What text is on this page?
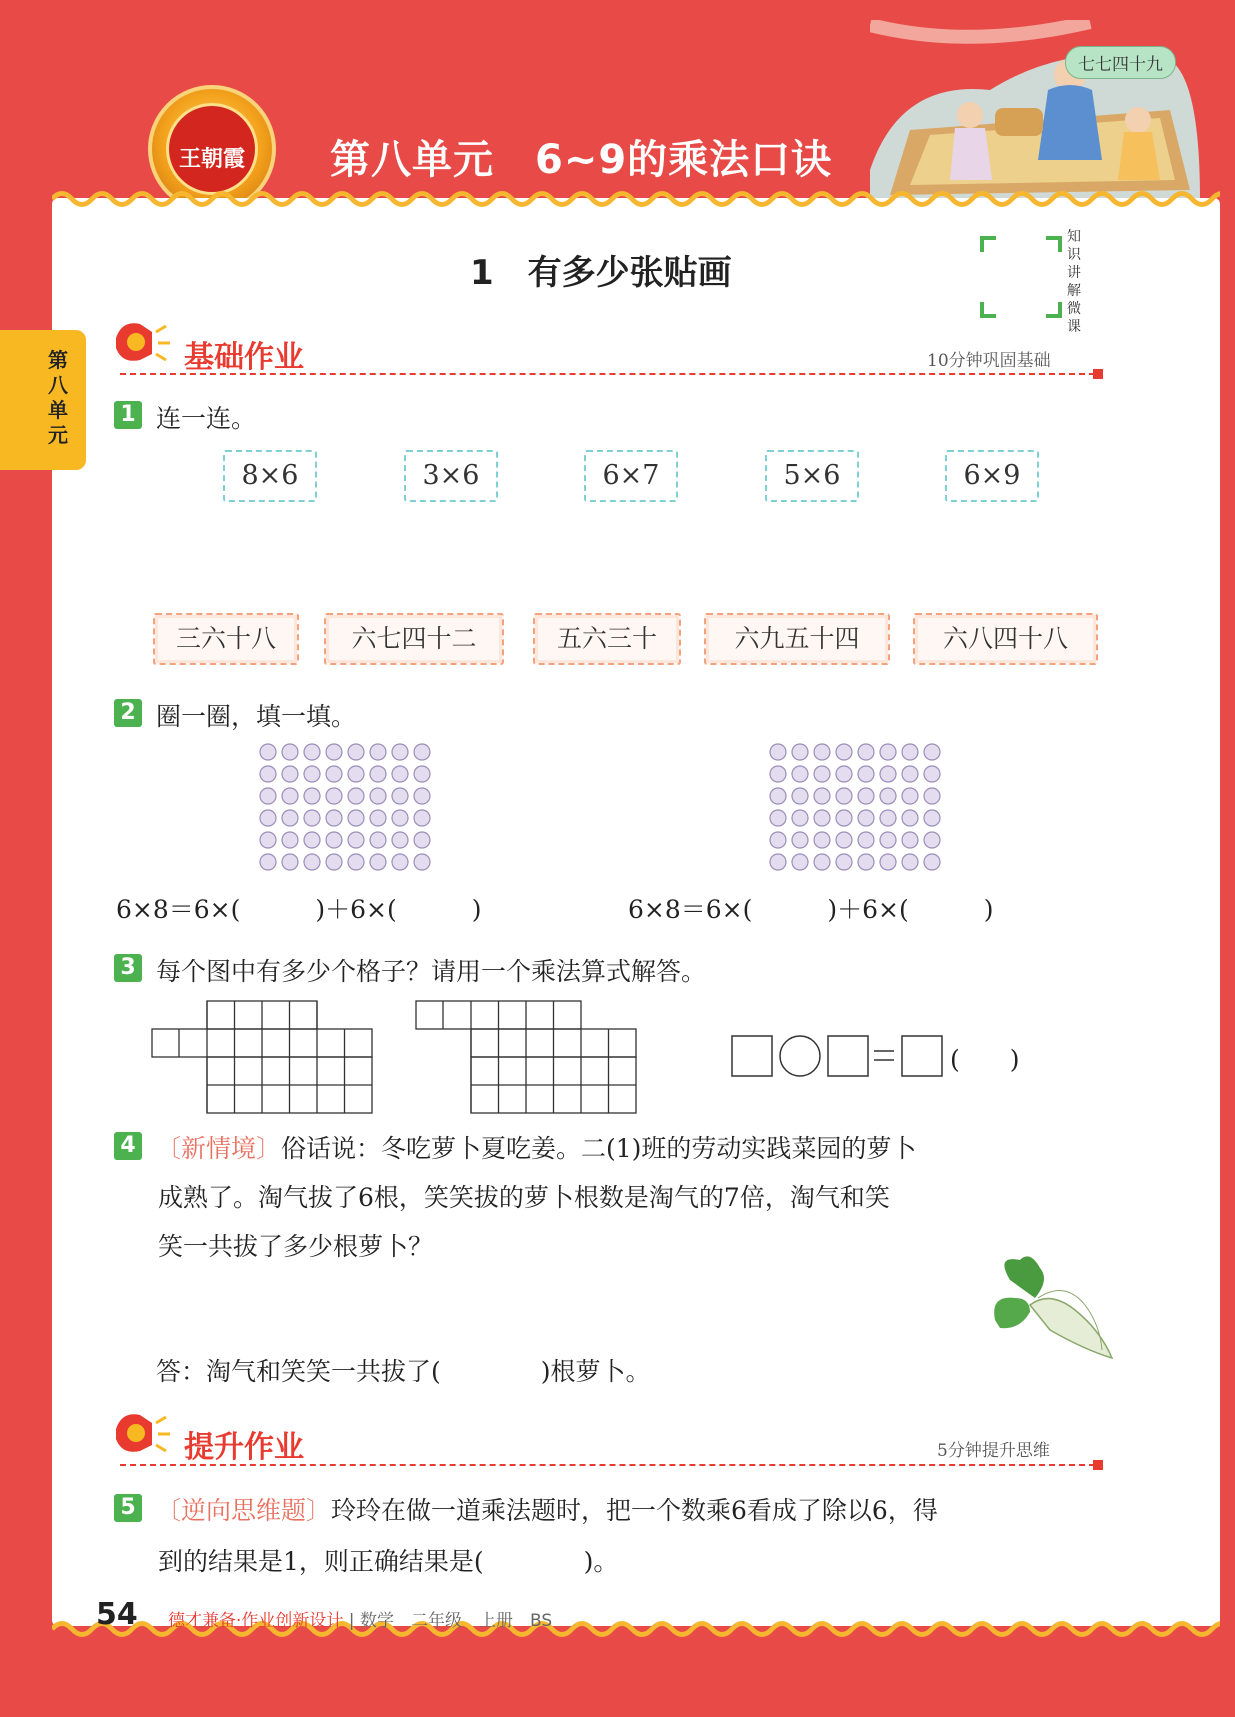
王朝霞 第八单元　6~9的乘法口诀
七七四十九
第八单元
1　有多少张贴画
知识讲解微课
基础作业	10分钟巩固基础
1 连一连。
8×6	3×6	6×7	5×6	6×9
三六十八	六七四十二	五六三十	六九五十四	六八四十八
2 圈一圈，填一填。
6×8＝6×(　　　)＋6×(　　　)	6×8＝6×(　　　)＋6×(　　　)
3 每个图中有多少个格子？请用一个乘法算式解答。
(　　)
4 〔新情境〕俗话说：冬吃萝卜夏吃姜。二(1)班的劳动实践菜园的萝卜
成熟了。淘气拔了6根，笑笑拔的萝卜根数是淘气的7倍，淘气和笑
笑一共拔了多少根萝卜？
答：淘气和笑笑一共拔了(　　　　)根萝卜。
提升作业	5分钟提升思维
5 〔逆向思维题〕玲玲在做一道乘法题时，把一个数乘6看成了除以6，得
到的结果是1，则正确结果是(　　　　)。
54 德才兼备·作业创新设计 | 数学　二年级　上册　BS
